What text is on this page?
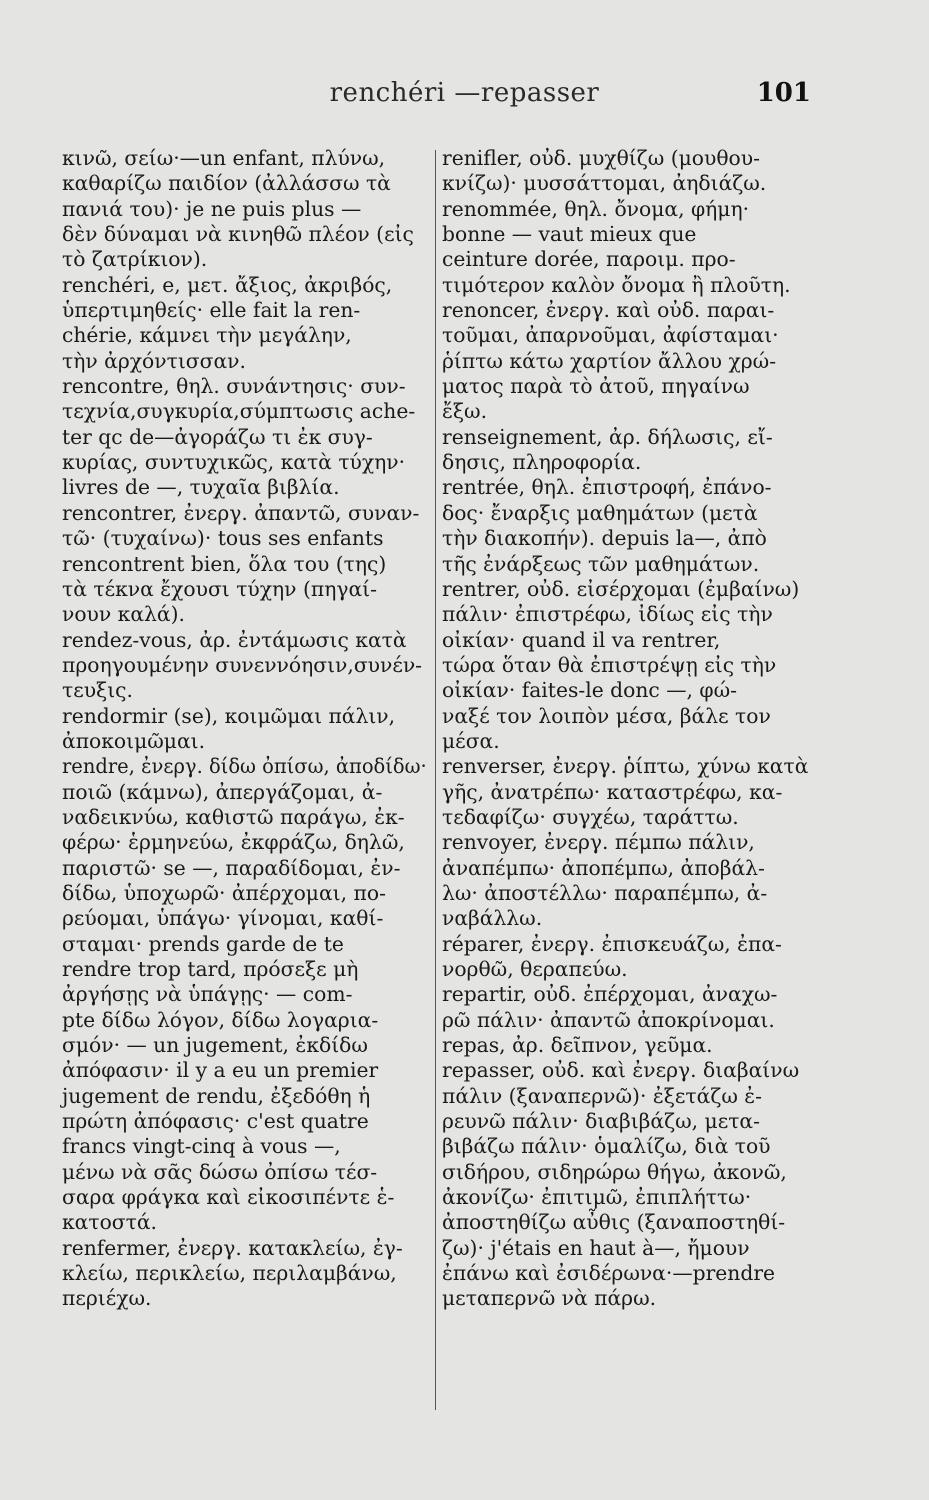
renchéri —repasser	101
κινῶ, σείω·—un enfant, πλύνω,
καθαρίζω παιδίον (ἀλλάσσω τὰ
πανιά του)· je ne puis plus —
δὲν δύναμαι νὰ κινηθῶ πλέον (εἰς
τὸ ζατρίκιον).
renchéri, e, μετ. ἄξιος, ἀκριβός,
ὑπερτιμηθείς· elle fait la ren-
chérie, κάμνει τὴν μεγάλην,
τὴν ἀρχόντισσαν.
rencontre, θηλ. συνάντησις· συν-
τεχνία,συγκυρία,σύμπτωσις ache-
ter qc de—ἀγοράζω τι ἐκ συγ-
κυρίας, συντυχικῶς, κατὰ τύχην·
livres de —, τυχαῖα βιβλία.
rencontrer, ἐνεργ. ἀπαντῶ, συναν-
τῶ· (τυχαίνω)· tous ses enfants
rencontrent bien, ὅλα του (της)
τὰ τέκνα ἔχουσι τύχην (πηγαί-
νουν καλά).
rendez-vous, ἀρ. ἐντάμωσις κατὰ
προηγουμένην συνεννόησιν,συνέν-
τευξις.
rendormir (se), κοιμῶμαι πάλιν,
ἀποκοιμῶμαι.
rendre, ἐνεργ. δίδω ὀπίσω, ἀποδίδω·
ποιῶ (κάμνω), ἀπεργάζομαι, ἀ-
ναδεικνύω, καθιστῶ παράγω, ἐκ-
φέρω· ἑρμηνεύω, ἐκφράζω, δηλῶ,
παριστῶ· se —, παραδίδομαι, ἐν-
δίδω, ὑποχωρῶ· ἀπέρχομαι, πο-
ρεύομαι, ὑπάγω· γίνομαι, καθί-
σταμαι· prends garde de te
rendre trop tard, πρόσεξε μὴ
ἀργήσῃς νὰ ὑπάγῃς· — com-
pte δίδω λόγον, δίδω λογαρια-
σμόν· — un jugement, ἐκδίδω
ἀπόφασιν· il y a eu un premier
jugement de rendu, ἐξεδόθη ἡ
πρώτη ἀπόφασις· c'est quatre
francs vingt-cinq à vous —,
μένω νὰ σᾶς δώσω ὀπίσω τέσ-
σαρα φράγκα καὶ εἰκοσιπέντε ἑ-
κατοστά.
renfermer, ἐνεργ. κατακλείω, ἐγ-
κλείω, περικλείω, περιλαμβάνω,
περιέχω.
renifler, οὐδ. μυχθίζω (μουθου-
κνίζω)· μυσσάττομαι, ἀηδιάζω.
renommée, θηλ. ὄνομα, φήμη·
bonne — vaut mieux que
ceinture dorée, παροιμ. προ-
τιμότερον καλὸν ὄνομα ἢ πλοῦτη.
renoncer, ἐνεργ. καὶ οὐδ. παραι-
τοῦμαι, ἀπαρνοῦμαι, ἀφίσταμαι·
ῥίπτω κάτω χαρτίον ἄλλου χρώ-
ματος παρὰ τὸ ἀτοῦ, πηγαίνω
ἔξω.
renseignement, ἀρ. δήλωσις, εἴ-
δησις, πληροφορία.
rentrée, θηλ. ἐπιστροφή, ἐπάνο-
δος· ἔναρξις μαθημάτων (μετὰ
τὴν διακοπήν). depuis la—, ἀπὸ
τῆς ἐνάρξεως τῶν μαθημάτων.
rentrer, οὐδ. εἰσέρχομαι (ἐμβαίνω)
πάλιν· ἐπιστρέφω, ἰδίως εἰς τὴν
οἰκίαν· quand il va rentrer,
τώρα ὅταν θὰ ἐπιστρέψῃ εἰς τὴν
οἰκίαν· faites-le donc —, φώ-
ναξέ τον λοιπὸν μέσα, βάλε τον
μέσα.
renverser, ἐνεργ. ῥίπτω, χύνω κατὰ
γῆς, ἀνατρέπω· καταστρέφω, κα-
τεδαφίζω· συγχέω, ταράττω.
renvoyer, ἐνεργ. πέμπω πάλιν,
ἀναπέμπω· ἀποπέμπω, ἀποβάλ-
λω· ἀποστέλλω· παραπέμπω, ἀ-
ναβάλλω.
réparer, ἐνεργ. ἐπισκευάζω, ἐπα-
νορθῶ, θεραπεύω.
repartir, οὐδ. ἐπέρχομαι, ἀναχω-
ρῶ πάλιν· ἀπαντῶ ἀποκρίνομαι.
repas, ἀρ. δεῖπνον, γεῦμα.
repasser, οὐδ. καὶ ἐνεργ. διαβαίνω
πάλιν (ξαναπερνῶ)· ἐξετάζω ἐ-
ρευνῶ πάλιν· διαβιβάζω, μετα-
βιβάζω πάλιν· ὁμαλίζω, διὰ τοῦ
σιδήρου, σιδηρώρω θήγω, ἀκονῶ,
ἀκονίζω· ἐπιτιμῶ, ἐπιπλήττω·
ἀποστηθίζω αὖθις (ξαναποστηθί-
ζω)· j'étais en haut à—, ἤμουν
ἐπάνω καὶ ἐσιδέρωνα·—prendre
μεταπερνῶ νὰ πάρω.
